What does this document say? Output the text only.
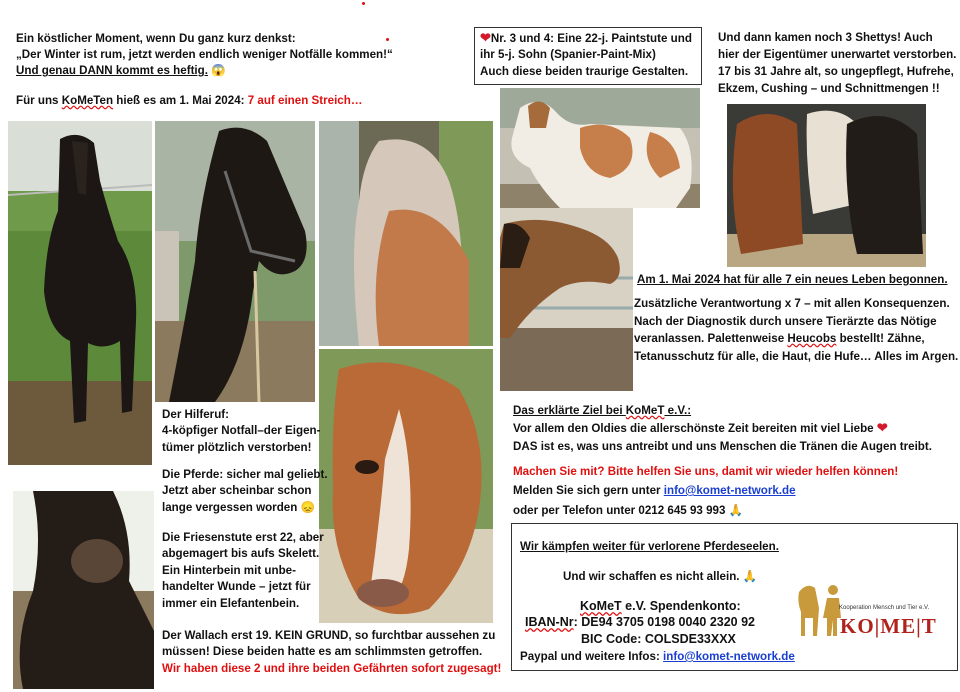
Ein köstlicher Moment, wenn Du ganz kurz denkst:
„Der Winter ist rum, jetzt werden endlich weniger Notfälle kommen!“
Und genau DANN kommt es heftig. 😱
Für uns KoMeTen hieß es am 1. Mai 2024: 7 auf einen Streich…
Der Hilferuf:
4-köpfiger Notfall–der Eigen-
tümer plötzlich verstorben!
Die Pferde: sicher mal geliebt.
Jetzt aber scheinbar schon
lange vergessen worden 😞
Die Friesenstute erst 22, aber
abgemagert bis aufs Skelett.
Ein Hinterbein mit unbe-
handelter Wunde – jetzt für
immer ein Elefantenbein.
Der Wallach erst 19. KEIN GRUND, so furchtbar aussehen zu
müssen! Diese beiden hatte es am schlimmsten getroffen.
Wir haben diese 2 und ihre beiden Gefährten sofort zugesagt!
❤Nr. 3 und 4: Eine 22-j. Paintstute und
ihr 5-j. Sohn (Spanier-Paint-Mix)
Auch diese beiden traurige Gestalten.
Und dann kamen noch 3 Shettys! Auch
hier der Eigentümer unerwartet verstorben.
17 bis 31 Jahre alt, so ungepflegt, Hufrehe,
Ekzem, Cushing – und Schnittmengen !!
Am 1. Mai 2024 hat für alle 7 ein neues Leben begonnen.
Zusätzliche Verantwortung x 7 – mit allen Konsequenzen.
Nach der Diagnostik durch unsere Tierärzte das Nötige
veranlassen. Palettenweise Heucobs bestellt! Zähne,
Tetanusschutz für alle, die Haut, die Hufe… Alles im Argen.
Das erklärte Ziel bei KoMeT e.V.:
Vor allem den Oldies die allerschönste Zeit bereiten mit viel Liebe ❤
DAS ist es, was uns antreibt und uns Menschen die Tränen die Augen treibt.
Machen Sie mit? Bitte helfen Sie uns, damit wir wieder helfen können!
Melden Sie sich gern unter info@komet-network.de
oder per Telefon unter 0212 645 93 993 🙏
Wir kämpfen weiter für verlorene Pferdeseelen.
Und wir schaffen es nicht allein. 🙏
KoMeT e.V. Spendenkonto:
IBAN-Nr: DE94 3705 0198 0040 2320 92
BIC Code: COLSDE33XXX
Paypal und weitere Infos: info@komet-network.de
Kooperation Mensch und Tier e.V.
KO|ME|T
